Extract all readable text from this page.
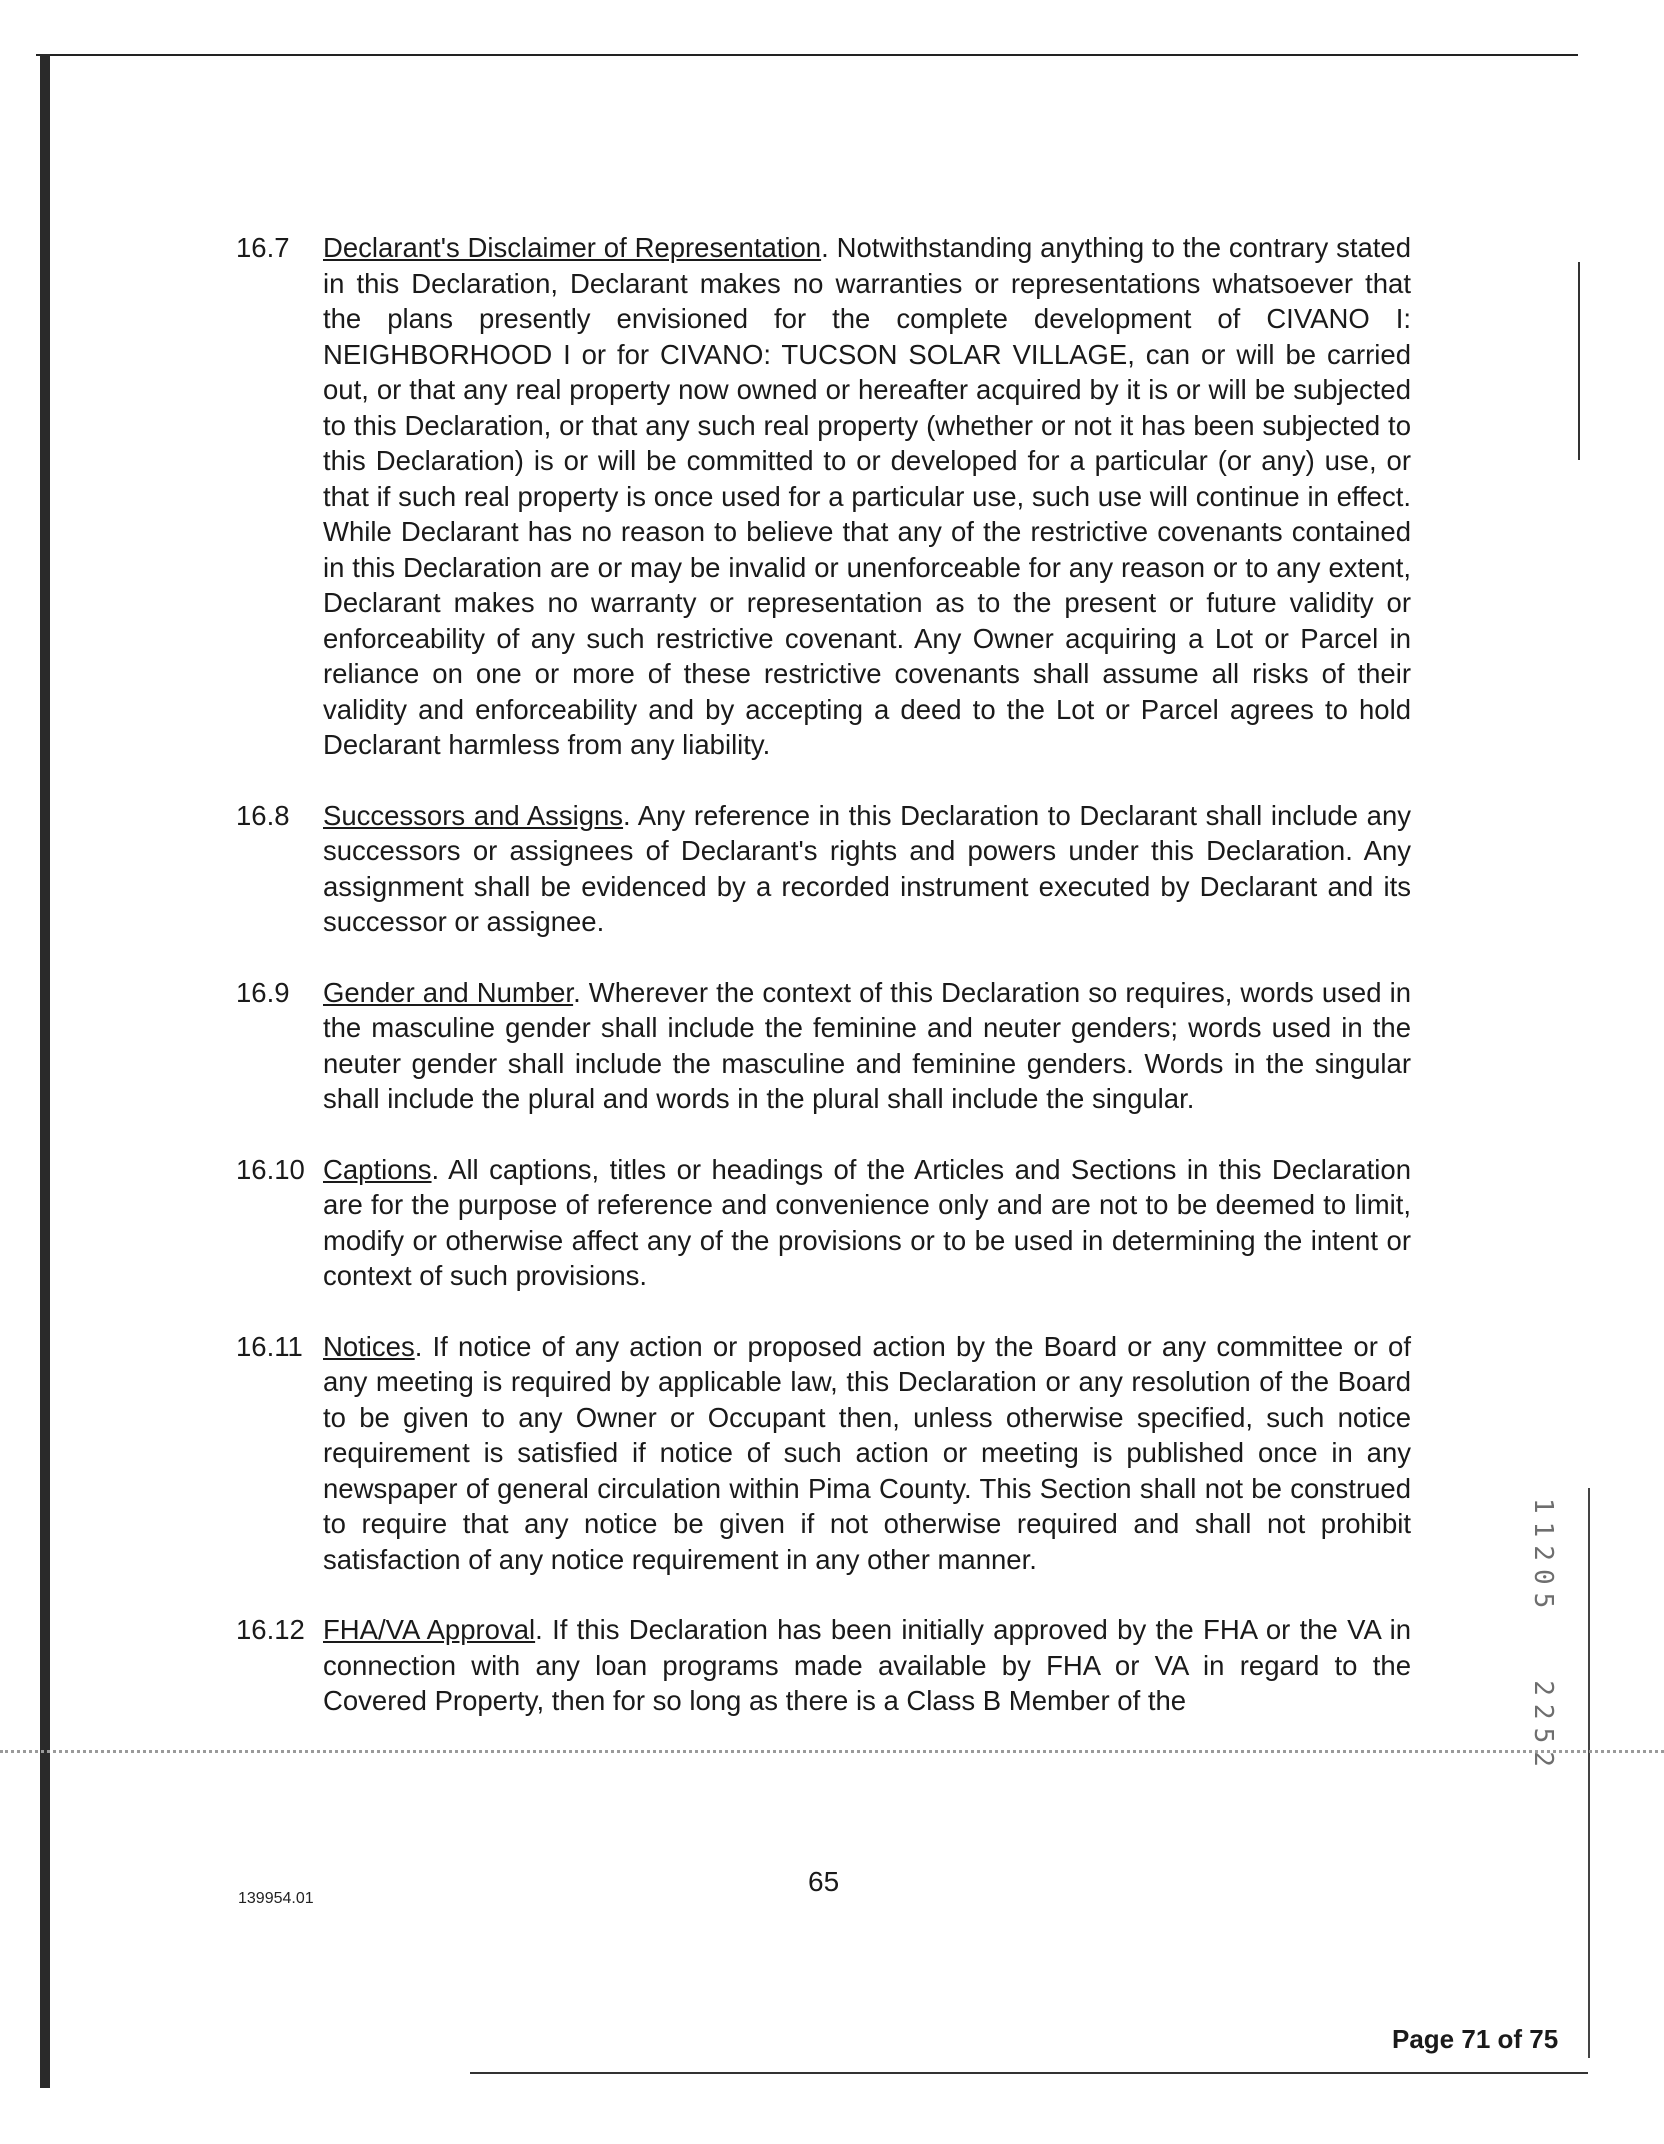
16.7	Declarant's Disclaimer of Representation. Notwithstanding anything to the contrary stated in this Declaration, Declarant makes no warranties or representations whatsoever that the plans presently envisioned for the complete development of CIVANO I: NEIGHBORHOOD I or for CIVANO: TUCSON SOLAR VILLAGE, can or will be carried out, or that any real property now owned or hereafter acquired by it is or will be subjected to this Declaration, or that any such real property (whether or not it has been subjected to this Declaration) is or will be committed to or developed for a particular (or any) use, or that if such real property is once used for a particular use, such use will continue in effect. While Declarant has no reason to believe that any of the restrictive covenants contained in this Declaration are or may be invalid or unenforceable for any reason or to any extent, Declarant makes no warranty or representation as to the present or future validity or enforceability of any such restrictive covenant. Any Owner acquiring a Lot or Parcel in reliance on one or more of these restrictive covenants shall assume all risks of their validity and enforceability and by accepting a deed to the Lot or Parcel agrees to hold Declarant harmless from any liability.
16.8	Successors and Assigns. Any reference in this Declaration to Declarant shall include any successors or assignees of Declarant's rights and powers under this Declaration. Any assignment shall be evidenced by a recorded instrument executed by Declarant and its successor or assignee.
16.9	Gender and Number. Wherever the context of this Declaration so requires, words used in the masculine gender shall include the feminine and neuter genders; words used in the neuter gender shall include the masculine and feminine genders. Words in the singular shall include the plural and words in the plural shall include the singular.
16.10 Captions. All captions, titles or headings of the Articles and Sections in this Declaration are for the purpose of reference and convenience only and are not to be deemed to limit, modify or otherwise affect any of the provisions or to be used in determining the intent or context of such provisions.
16.11 Notices. If notice of any action or proposed action by the Board or any committee or of any meeting is required by applicable law, this Declaration or any resolution of the Board to be given to any Owner or Occupant then, unless otherwise specified, such notice requirement is satisfied if notice of such action or meeting is published once in any newspaper of general circulation within Pima County. This Section shall not be construed to require that any notice be given if not otherwise required and shall not prohibit satisfaction of any notice requirement in any other manner.
16.12 FHA/VA Approval. If this Declaration has been initially approved by the FHA or the VA in connection with any loan programs made available by FHA or VA in regard to the Covered Property, then for so long as there is a Class B Member of the
139954.01
65
Page 71 of 75
112052252
